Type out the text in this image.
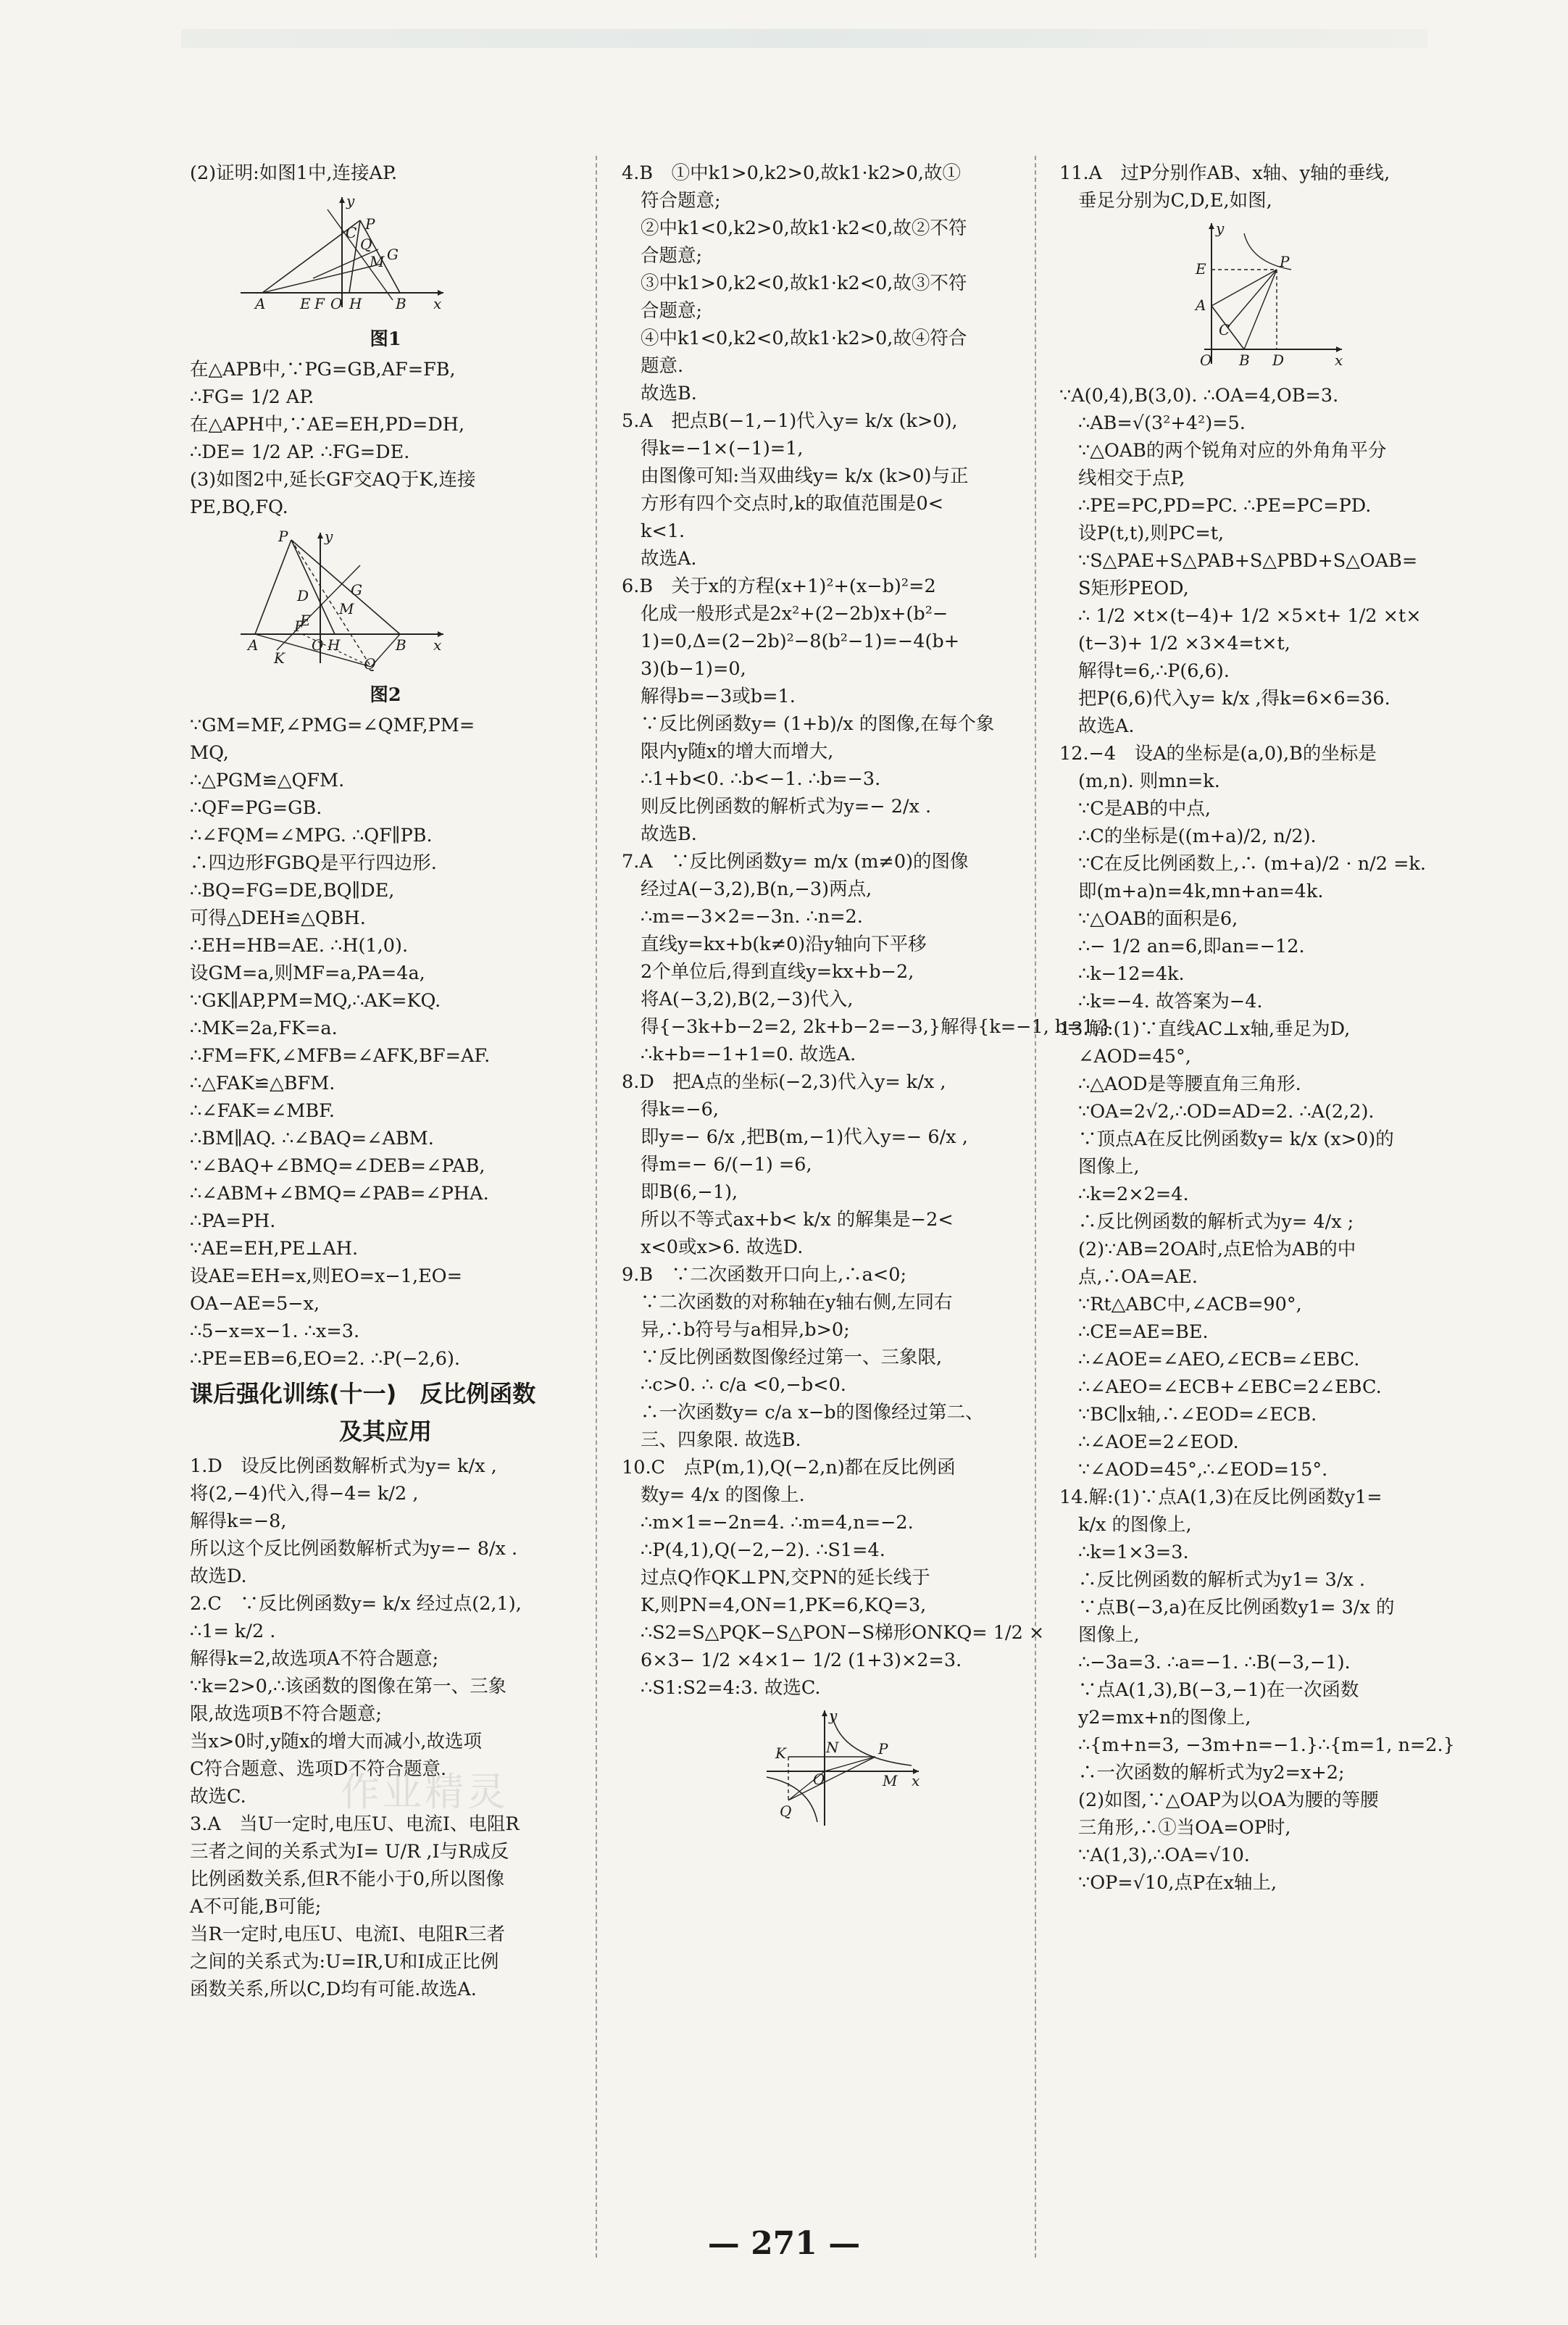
(2)证明:如图1中,连接AP.
y
C P
Q
M G
A E F O H B x
图1
在△APB中,∵PG=GB,AF=FB,
∴FG= 1/2 AP.
在△APH中,∵AE=EH,PD=DH,
∴DE= 1/2 AP. ∴FG=DE.
(3)如图2中,延长GF交AQ于K,连接
PE,BQ,FQ.
P	y
D
M
G
E
A
K
O H	B x
F
Q
图2
∵GM=MF,∠PMG=∠QMF,PM=
MQ,
∴△PGM≌△QFM.
∴QF=PG=GB.
∴∠FQM=∠MPG. ∴QF∥PB.
∴四边形FGBQ是平行四边形.
∴BQ=FG=DE,BQ∥DE,
可得△DEH≌△QBH.
∴EH=HB=AE. ∴H(1,0).
设GM=a,则MF=a,PA=4a,
∵GK∥AP,PM=MQ,∴AK=KQ.
∴MK=2a,FK=a.
∴FM=FK,∠MFB=∠AFK,BF=AF.
∴△FAK≌△BFM.
∴∠FAK=∠MBF.
∴BM∥AQ. ∴∠BAQ=∠ABM.
∵∠BAQ+∠BMQ=∠DEB=∠PAB,
∴∠ABM+∠BMQ=∠PAB=∠PHA.
∴PA=PH.
∵AE=EH,PE⊥AH.
设AE=EH=x,则EO=x−1,EO=
OA−AE=5−x,
∴5−x=x−1. ∴x=3.
∴PE=EB=6,EO=2. ∴P(−2,6).
课后强化训练(十一)　反比例函数
及其应用
1.D　设反比例函数解析式为y= k/x ,
将(2,−4)代入,得−4= k/2 ,
解得k=−8,
所以这个反比例函数解析式为y=− 8/x .
故选D.
2.C　∵反比例函数y= k/x 经过点(2,1),
∴1= k/2 .
解得k=2,故选项A不符合题意;
∵k=2>0,∴该函数的图像在第一、三象
限,故选项B不符合题意;
当x>0时,y随x的增大而减小,故选项
C符合题意、选项D不符合题意.
故选C.
3.A　当U一定时,电压U、电流I、电阻R
三者之间的关系式为I= U/R ,I与R成反
比例函数关系,但R不能小于0,所以图像
A不可能,B可能;
当R一定时,电压U、电流I、电阻R三者
之间的关系式为:U=IR,U和I成正比例
函数关系,所以C,D均有可能.故选A.
作业精灵
4.B　①中k1>0,k2>0,故k1·k2>0,故①
符合题意;
②中k1<0,k2>0,故k1·k2<0,故②不符
合题意;
③中k1>0,k2<0,故k1·k2<0,故③不符
合题意;
④中k1<0,k2<0,故k1·k2>0,故④符合
题意.
故选B.
5.A　把点B(−1,−1)代入y= k/x (k>0),
得k=−1×(−1)=1,
由图像可知:当双曲线y= k/x (k>0)与正
方形有四个交点时,k的取值范围是0<
k<1.
故选A.
6.B　关于x的方程(x+1)²+(x−b)²=2
化成一般形式是2x²+(2−2b)x+(b²−
1)=0,Δ=(2−2b)²−8(b²−1)=−4(b+
3)(b−1)=0,
解得b=−3或b=1.
∵反比例函数y= (1+b)/x 的图像,在每个象
限内y随x的增大而增大,
∴1+b<0. ∴b<−1. ∴b=−3.
则反比例函数的解析式为y=− 2/x .
故选B.
7.A　∵反比例函数y= m/x (m≠0)的图像
经过A(−3,2),B(n,−3)两点,
∴m=−3×2=−3n. ∴n=2.
直线y=kx+b(k≠0)沿y轴向下平移
2个单位后,得到直线y=kx+b−2,
将A(−3,2),B(2,−3)代入,
得{−3k+b−2=2, 2k+b−2=−3,}解得{k=−1, b=1,}
∴k+b=−1+1=0. 故选A.
8.D　把A点的坐标(−2,3)代入y= k/x ,
得k=−6,
即y=− 6/x ,把B(m,−1)代入y=− 6/x ,
得m=− 6/(−1) =6,
即B(6,−1),
所以不等式ax+b< k/x 的解集是−2<
x<0或x>6. 故选D.
9.B　∵二次函数开口向上,∴a<0;
∵二次函数的对称轴在y轴右侧,左同右
异,∴b符号与a相异,b>0;
∵反比例函数图像经过第一、三象限,
∴c>0. ∴ c/a <0,−b<0.
∴一次函数y= c/a x−b的图像经过第二、
三、四象限. 故选B.
10.C　点P(m,1),Q(−2,n)都在反比例函
数y= 4/x 的图像上.
∴m×1=−2n=4. ∴m=4,n=−2.
∴P(4,1),Q(−2,−2). ∴S1=4.
过点Q作QK⊥PN,交PN的延长线于
K,则PN=4,ON=1,PK=6,KQ=3,
∴S2=S△PQK−S△PON−S梯形ONKQ= 1/2 ×
6×3− 1/2 ×4×1− 1/2 (1+3)×2=3.
∴S1:S2=4:3. 故选C.
y
K	N	P
O	M x
Q
11.A　过P分别作AB、x轴、y轴的垂线,
垂足分别为C,D,E,如图,
y
E	P
A
C
O B D	x
∵A(0,4),B(3,0). ∴OA=4,OB=3.
∴AB=√(3²+4²)=5.
∵△OAB的两个锐角对应的外角角平分
线相交于点P,
∴PE=PC,PD=PC. ∴PE=PC=PD.
设P(t,t),则PC=t,
∵S△PAE+S△PAB+S△PBD+S△OAB=
S矩形PEOD,
∴ 1/2 ×t×(t−4)+ 1/2 ×5×t+ 1/2 ×t×
(t−3)+ 1/2 ×3×4=t×t,
解得t=6,∴P(6,6).
把P(6,6)代入y= k/x ,得k=6×6=36.
故选A.
12.−4　设A的坐标是(a,0),B的坐标是
(m,n). 则mn=k.
∵C是AB的中点,
∴C的坐标是((m+a)/2, n/2).
∵C在反比例函数上,∴ (m+a)/2 · n/2 =k.
即(m+a)n=4k,mn+an=4k.
∵△OAB的面积是6,
∴− 1/2 an=6,即an=−12.
∴k−12=4k.
∴k=−4. 故答案为−4.
13.解:(1)∵直线AC⊥x轴,垂足为D,
∠AOD=45°,
∴△AOD是等腰直角三角形.
∵OA=2√2,∴OD=AD=2. ∴A(2,2).
∵顶点A在反比例函数y= k/x (x>0)的
图像上,
∴k=2×2=4.
∴反比例函数的解析式为y= 4/x ;
(2)∵AB=2OA时,点E恰为AB的中
点,∴OA=AE.
∵Rt△ABC中,∠ACB=90°,
∴CE=AE=BE.
∴∠AOE=∠AEO,∠ECB=∠EBC.
∴∠AEO=∠ECB+∠EBC=2∠EBC.
∵BC∥x轴,∴∠EOD=∠ECB.
∴∠AOE=2∠EOD.
∵∠AOD=45°,∴∠EOD=15°.
14.解:(1)∵点A(1,3)在反比例函数y1=
k/x 的图像上,
∴k=1×3=3.
∴反比例函数的解析式为y1= 3/x .
∵点B(−3,a)在反比例函数y1= 3/x 的
图像上,
∴−3a=3. ∴a=−1. ∴B(−3,−1).
∵点A(1,3),B(−3,−1)在一次函数
y2=mx+n的图像上,
∴{m+n=3, −3m+n=−1.}∴{m=1, n=2.}
∴一次函数的解析式为y2=x+2;
(2)如图,∵△OAP为以OA为腰的等腰
三角形,∴①当OA=OP时,
∵A(1,3),∴OA=√10.
∵OP=√10,点P在x轴上,
— 271 —
